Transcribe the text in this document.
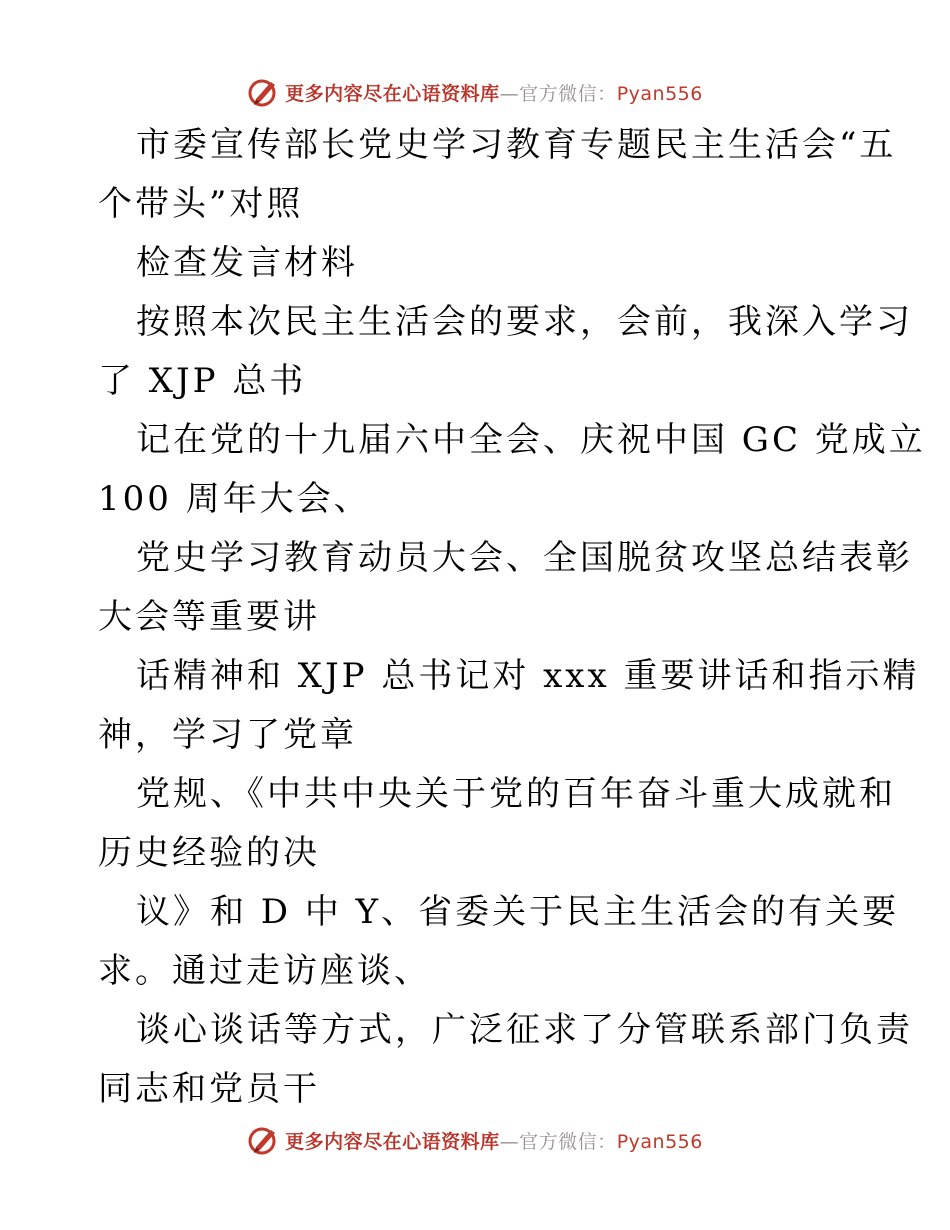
更多内容尽在心语资料库—官方微信：Pyan556
市委宣传部长党史学习教育专题民主生活会“五
个带头”对照
检查发言材料
按照本次民主生活会的要求，会前，我深入学习
了 XJP 总书
记在党的十九届六中全会、庆祝中国 GC 党成立
100 周年大会、
党史学习教育动员大会、全国脱贫攻坚总结表彰
大会等重要讲
话精神和 XJP 总书记对 xxx 重要讲话和指示精
神，学习了党章
党规、《中共中央关于党的百年奋斗重大成就和
历史经验的决
议》和 D 中 Y、省委关于民主生活会的有关要
求。通过走访座谈、
谈心谈话等方式，广泛征求了分管联系部门负责
同志和党员干
更多内容尽在心语资料库—官方微信：Pyan556
